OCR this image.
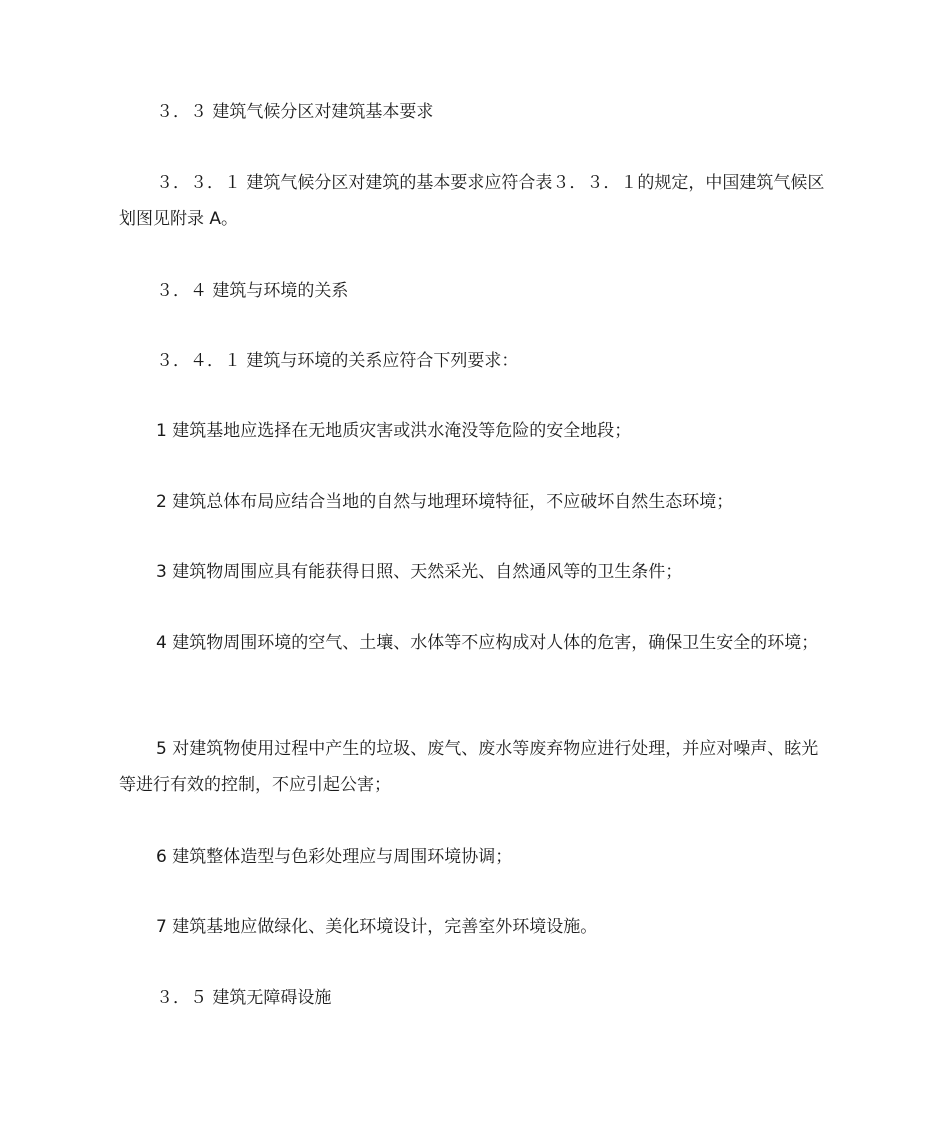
３．３ 建筑气候分区对建筑基本要求

３．３．１ 建筑气候分区对建筑的基本要求应符合表３．３．１的规定，中国建筑气候区划图见附录 A。

３．４ 建筑与环境的关系

３．４．１ 建筑与环境的关系应符合下列要求：

1 建筑基地应选择在无地质灾害或洪水淹没等危险的安全地段；

2 建筑总体布局应结合当地的自然与地理环境特征，不应破坏自然生态环境；

3 建筑物周围应具有能获得日照、天然采光、自然通风等的卫生条件；

4 建筑物周围环境的空气、土壤、水体等不应构成对人体的危害，确保卫生安全的环境；

5 对建筑物使用过程中产生的垃圾、废气、废水等废弃物应进行处理，并应对噪声、眩光等进行有效的控制，不应引起公害；

6 建筑整体造型与色彩处理应与周围环境协调；

7 建筑基地应做绿化、美化环境设计，完善室外环境设施。

３．５ 建筑无障碍设施
